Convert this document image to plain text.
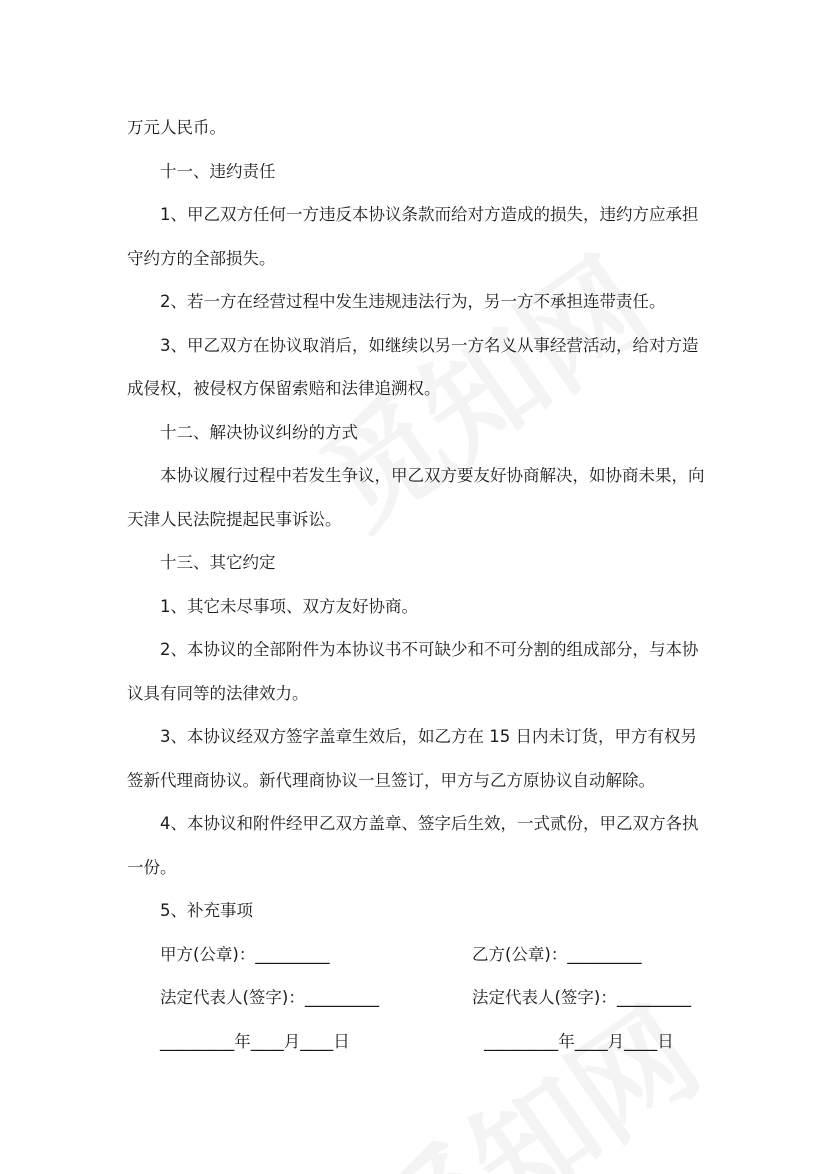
万元人民币。

十一、违约责任

1、甲乙双方任何一方违反本协议条款而给对方造成的损失，违约方应承担

守约方的全部损失。

2、若一方在经营过程中发生违规违法行为，另一方不承担连带责任。

3、甲乙双方在协议取消后，如继续以另一方名义从事经营活动，给对方造

成侵权，被侵权方保留索赔和法律追溯权。

十二、解决协议纠纷的方式

本协议履行过程中若发生争议，甲乙双方要友好协商解决，如协商未果，向

天津人民法院提起民事诉讼。

十三、其它约定

1、其它未尽事项、双方友好协商。

2、本协议的全部附件为本协议书不可缺少和不可分割的组成部分，与本协

议具有同等的法律效力。

3、本协议经双方签字盖章生效后，如乙方在 15 日内未订货，甲方有权另

签新代理商协议。新代理商协议一旦签订，甲方与乙方原协议自动解除。

4、本协议和附件经甲乙双方盖章、签字后生效，一式贰份，甲乙双方各执

一份。

5、补充事项

甲方(公章)：_________	乙方(公章)：_________
法定代表人(签字)：_________	法定代表人(签字)：_________
_________年____月____日	_________年____月____日
